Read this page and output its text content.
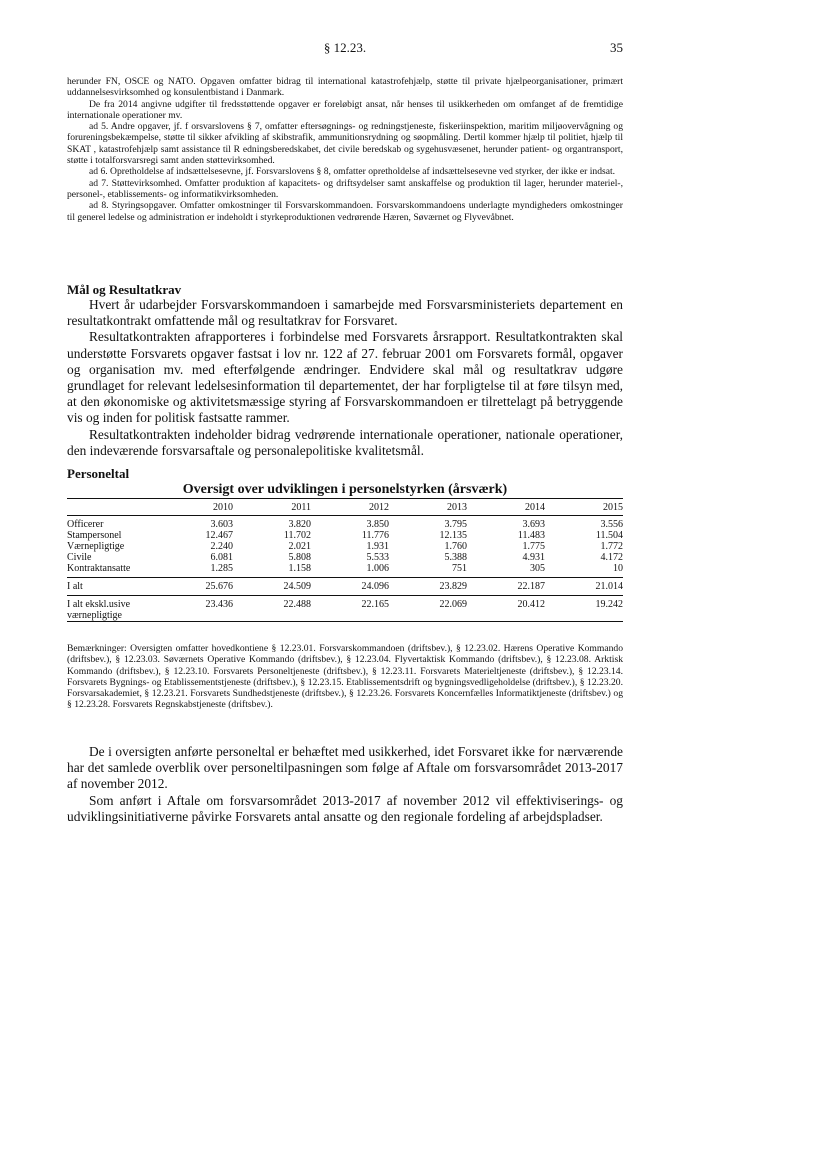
§ 12.23.	35

herunder FN, OSCE og NATO. Opgaven omfatter bidrag til international katastrofehjælp, støtte til private hjælpeorganisationer, primært uddannelsesvirksomhed og konsulentbistand i Danmark.

De fra 2014 angivne udgifter til fredsstøttende opgaver er foreløbigt ansat, når henses til usikkerheden om omfanget af de fremtidige internationale operationer mv.

ad 5. Andre opgaver, jf. f orsvarslovens § 7, omfatter eftersøgnings- og redningstjeneste, fiskeriinspektion, maritim miljøovervågning og forureningsbekæmpelse, støtte til sikker afvikling af skibstrafik, ammunitionsrydning og søopmåling. Dertil kommer hjælp til politiet, hjælp til SKAT , katastrofehjælp samt assistance til R edningsberedskabet, det civile beredskab og sygehusvæsenet, herunder patient- og organtransport, støtte i totalforsvarsregi samt anden støttevirksomhed.

ad 6. Opretholdelse af indsættelsesevne, jf. Forsvarslovens § 8, omfatter opretholdelse af indsættelsesevne ved styrker, der ikke er indsat.

ad 7. Støttevirksomhed. Omfatter produktion af kapacitets- og driftsydelser samt anskaffelse og produktion til lager, herunder materiel-, personel-, etablissements- og informatikvirksomheden.

ad 8. Styringsopgaver. Omfatter omkostninger til Forsvarskommandoen. Forsvarskommandoens underlagte myndigheders omkostninger til generel ledelse og administration er indeholdt i styrkeproduktionen vedrørende Hæren, Søværnet og Flyvevåbnet.

Mål og Resultatkrav

Hvert år udarbejder Forsvarskommandoen i samarbejde med Forsvarsministeriets departement en resultatkontrakt omfattende mål og resultatkrav for Forsvaret.

Resultatkontrakten afrapporteres i forbindelse med Forsvarets årsrapport. Resultatkontrakten skal understøtte Forsvarets opgaver fastsat i lov nr. 122 af 27. februar 2001 om Forsvarets formål, opgaver og organisation mv. med efterfølgende ændringer. Endvidere skal mål og resultatkrav udgøre grundlaget for relevant ledelsesinformation til departementet, der har forpligtelse til at føre tilsyn med, at den økonomiske og aktivitetsmæssige styring af Forsvarskommandoen er tilrettelagt på betryggende vis og inden for politisk fastsatte rammer.

Resultatkontrakten indeholder bidrag vedrørende internationale operationer, nationale operationer, den indeværende forsvarsaftale og personalepolitiske kvalitetsmål.

Personeltal
Oversigt over udviklingen i personelstyrken (årsværk)
	2010	2011	2012	2013	2014	2015
Officerer	3.603	3.820	3.850	3.795	3.693	3.556
Stampersonel	12.467	11.702	11.776	12.135	11.483	11.504
Værnepligtige	2.240	2.021	1.931	1.760	1.775	1.772
Civile	6.081	5.808	5.533	5.388	4.931	4.172
Kontraktansatte	1.285	1.158	1.006	751	305	10
I alt	25.676	24.509	24.096	23.829	22.187	21.014

I alt ekskl.usive
værnepligtige	23.436	22.488	22.165	22.069	20.412	19.242
Bemærkninger: Oversigten omfatter hovedkontiene § 12.23.01. Forsvarskommandoen (driftsbev.), § 12.23.02. Hærens Operative Kommando (driftsbev.), § 12.23.03. Søværnets Operative Kommando (driftsbev.), § 12.23.04. Flyvertaktisk Kommando (driftsbev.), § 12.23.08. Arktisk Kommando (driftsbev.), § 12.23.10. Forsvarets Personeltjeneste (driftsbev.), § 12.23.11. Forsvarets Materieltjeneste (driftsbev.), § 12.23.14. Forsvarets Bygnings- og Etablissementstjeneste (driftsbev.), § 12.23.15. Etablissementsdrift og bygningsvedligeholdelse (driftsbev.), § 12.23.20. Forsvarsakademiet, § 12.23.21. Forsvarets Sundhedstjeneste (driftsbev.), § 12.23.26. Forsvarets Koncernfælles Informatiktjeneste (driftsbev.) og § 12.23.28. Forsvarets Regnskabstjeneste (driftsbev.).

De i oversigten anførte personeltal er behæftet med usikkerhed, idet Forsvaret ikke for nærværende har det samlede overblik over personeltilpasningen som følge af Aftale om forsvarsområdet 2013-2017 af november 2012.

Som anført i Aftale om forsvarsområdet 2013-2017 af november 2012 vil effektiviserings- og udviklingsinitiativerne påvirke Forsvarets antal ansatte og den regionale fordeling af arbejdspladser.
